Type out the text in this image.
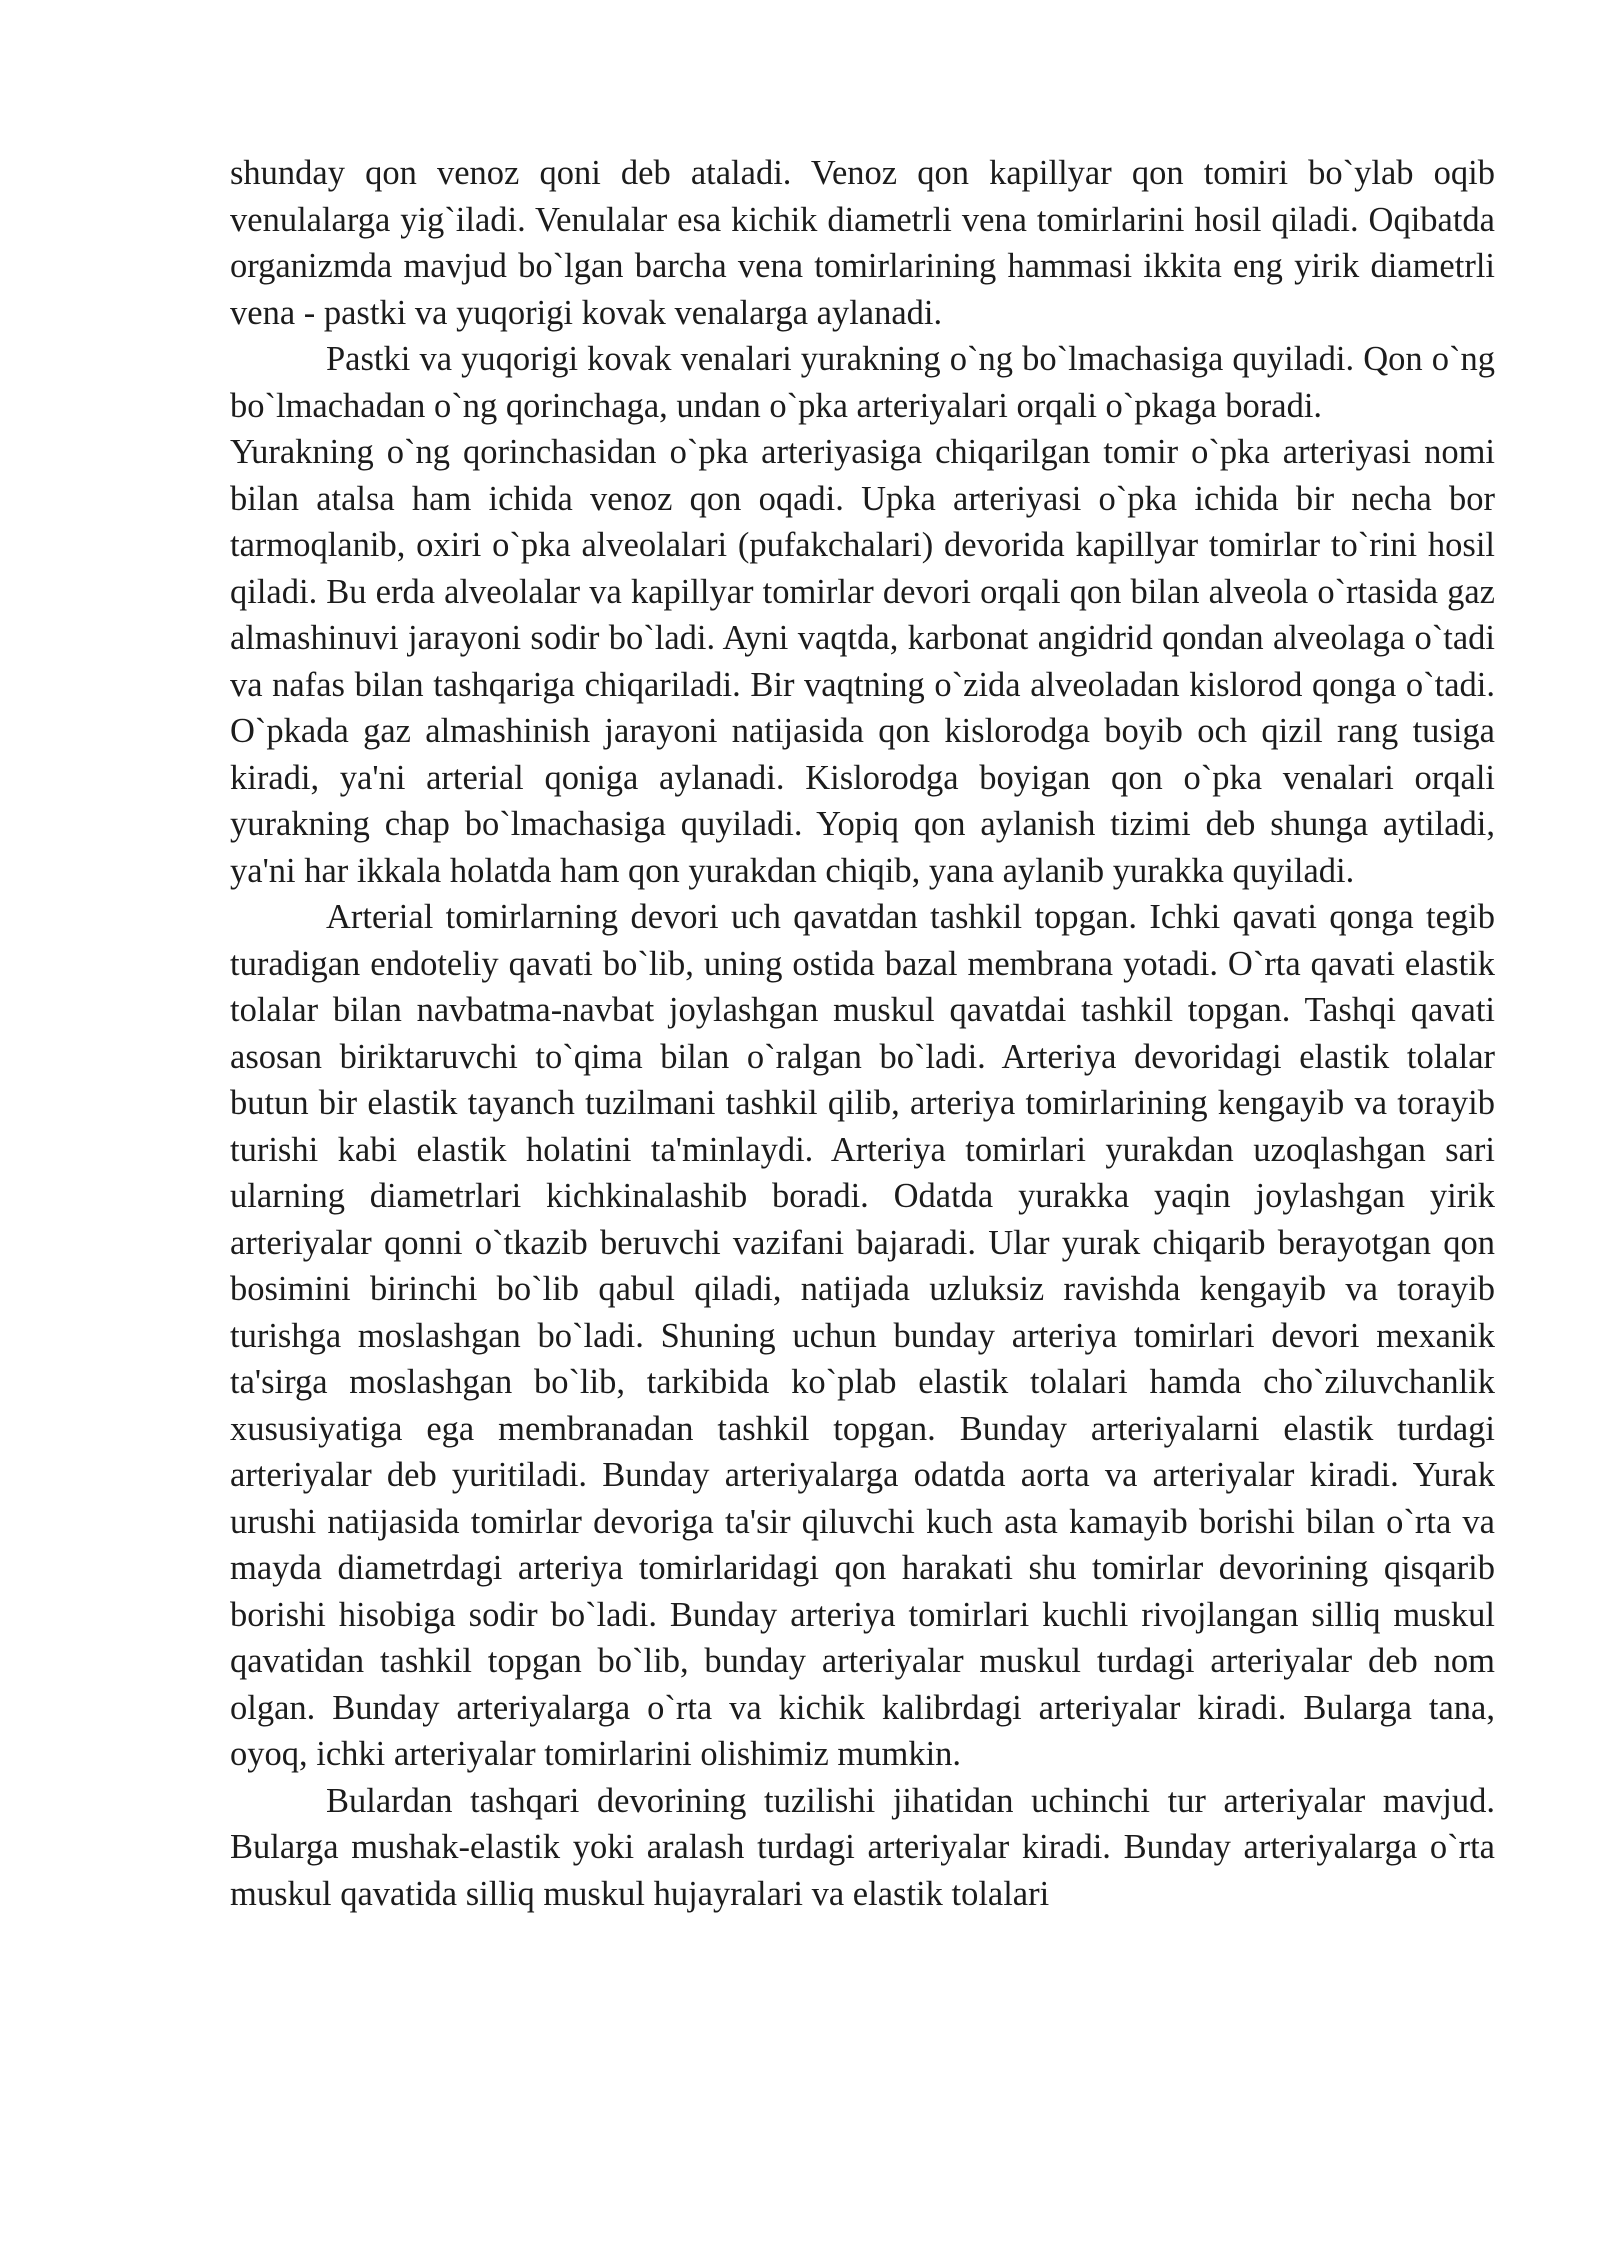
shunday qon venoz qoni deb ataladi. Venoz qon kapillyar qon tomiri bo`ylab oqib venulalarga yig`iladi. Venulalar esa kichik diametrli vena tomirlarini hosil qiladi. Oqibatda organizmda mavjud bo`lgan barcha vena tomirlarining hammasi ikkita eng yirik diametrli vena - pastki va yuqorigi kovak venalarga aylanadi.

Pastki va yuqorigi kovak venalari yurakning o`ng bo`lmachasiga quyiladi. Qon o`ng bo`lmachadan o`ng qorinchaga, undan o`pka arteriyalari orqali o`pkaga boradi.

Yurakning o`ng qorinchasidan o`pka arteriyasiga chiqarilgan tomir o`pka arteriyasi nomi bilan atalsa ham ichida venoz qon oqadi. Upka arteriyasi o`pka ichida bir necha bor tarmoqlanib, oxiri o`pka alveolalari (pufakchalari) devorida kapillyar tomirlar to`rini hosil qiladi. Bu erda alveolalar va kapillyar tomirlar devori orqali qon bilan alveola o`rtasida gaz almashinuvi jarayoni sodir bo`ladi. Ayni vaqtda, karbonat angidrid qondan alveolaga o`tadi va nafas bilan tashqariga chiqariladi. Bir vaqtning o`zida alveoladan kislorod qonga o`tadi. O`pkada gaz almashinish jarayoni natijasida qon kislorodga boyib och qizil rang tusiga kiradi, ya'ni arterial qoniga aylanadi. Kislorodga boyigan qon o`pka venalari orqali yurakning chap bo`lmachasiga quyiladi. Yopiq qon aylanish tizimi deb shunga aytiladi, ya'ni har ikkala holatda ham qon yurakdan chiqib, yana aylanib yurakka quyiladi.

Arterial tomirlarning devori uch qavatdan tashkil topgan. Ichki qavati qonga tegib turadigan endoteliy qavati bo`lib, uning ostida bazal membrana yotadi. O`rta qavati elastik tolalar bilan navbatma-navbat joylashgan muskul qavatdai tashkil topgan. Tashqi qavati asosan biriktaruvchi to`qima bilan o`ralgan bo`ladi. Arteriya devoridagi elastik tolalar butun bir elastik tayanch tuzilmani tashkil qilib, arteriya tomirlarining kengayib va torayib turishi kabi elastik holatini ta'minlaydi. Arteriya tomirlari yurakdan uzoqlashgan sari ularning diametrlari kichkinalashib boradi. Odatda yurakka yaqin joylashgan yirik arteriyalar qonni o`tkazib beruvchi vazifani bajaradi. Ular yurak chiqarib berayotgan qon bosimini birinchi bo`lib qabul qiladi, natijada uzluksiz ravishda kengayib va torayib turishga moslashgan bo`ladi. Shuning uchun bunday arteriya tomirlari devori mexanik ta'sirga moslashgan bo`lib, tarkibida ko`plab elastik tolalari hamda cho`ziluvchanlik xususiyatiga ega membranadan tashkil topgan. Bunday arteriyalarni elastik turdagi arteriyalar deb yuritiladi. Bunday arteriyalarga odatda aorta va arteriyalar kiradi. Yurak urushi natijasida tomirlar devoriga ta'sir qiluvchi kuch asta kamayib borishi bilan o`rta va mayda diametrdagi arteriya tomirlaridagi qon harakati shu tomirlar devorining qisqarib borishi hisobiga sodir bo`ladi. Bunday arteriya tomirlari kuchli rivojlangan silliq muskul qavatidan tashkil topgan bo`lib, bunday arteriyalar muskul turdagi arteriyalar deb nom olgan. Bunday arteriyalarga o`rta va kichik kalibrdagi arteriyalar kiradi. Bularga tana, oyoq, ichki arteriyalar tomirlarini olishimiz mumkin.

Bulardan tashqari devorining tuzilishi jihatidan uchinchi tur arteriyalar mavjud. Bularga mushak-elastik yoki aralash turdagi arteriyalar kiradi. Bunday arteriyalarga o`rta muskul qavatida silliq muskul hujayralari va elastik tolalari
